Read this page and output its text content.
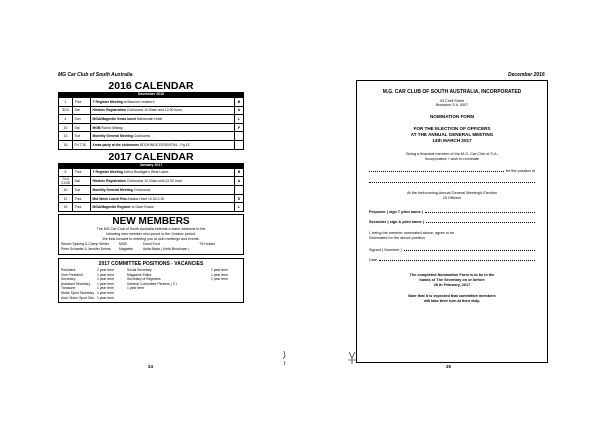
MG Car Club of South Australia
2016 CALENDAR
December 2016
1	Thur	T Register Meeting at Maurice Lewkes's	B
3/10	Sat	Historic Registration Clubrooms 10.00am and 12.00 noon	A
4	Sun	MGA/Magnette Xmas lunch Balhannah Hotel	L
10	Sat	MGB Run to Mitang	F
13	Tue	Monthly General Meeting Clubrooms	
16	Fri 7.30	Xmas party at the clubrooms BOOKINGS ESSENTIAL - Pg 13	
2017 CALENDAR
January 2017
5	Thur	T Register Meeting Arthur Ruediger's West Lakes	B
7/14 21/28	Sat	Historic Registration Clubrooms 10.00am until 12.00 noon	A
10	Tue	Monthly General Meeting Clubrooms	
12	Thur	Mid Week Lunch Run Arkaba Hotel 10.30-2.30	D
19	Thur	MGA/Magnette Register to Dave Evans	L
NEW MEMBERS
The MG Car Club of South Australia extends a warm welcome to the
following new member who joined in the October period.
We look forward to meeting you at club meetings and events.
Steven Sjoberg & Cheryl Winter	MGB	David Ford	'76 Holden
Peter Schaefer & Jennifer Delma	Magnette	Anita Blake ( Keith Brookman )
2017 COMMITTEE POSITIONS - VACANCIES
President	2 year term	Social Secretary	1 year term
Vice President	1 year term	Magazine Editor	1 year term
Secretary	1 year term	Secretary of Registers	1 year term
Assistant Secretary	1 year term	General Committee Persons ( 3 )
Treasurer	1 year term	1 year term
Motor Sport Secretary 1 year term
Asst. Motor Sport Sec. 1 year term
24
December 2016
M.G. CAR CLUB OF SOUTH AUSTRALIA, INCORPORATED
93 Chell Street
Brompton S.A. 5007
NOMINATION FORM
FOR THE ELECTION OF OFFICERS
AT THE ANNUAL GENERAL MEETING
14th MARCH 2017
Being a financial member of the M.G. Car Club of S.A.
Incorporated, I wish to nominate
for the position of
At the forthcoming Annual General Meeting's Election
Of Officers
Proposer ( sign T print name )
Seconder ( sign & print name )
I, being the member nominated above, agree to be
Nominated for the above position.
Signed ( Nominee )
Date
The completed Nomination Form is to be in the
hands of The Secretary on or before
28 th February, 2017
Note that it is expected that committee members
will take their turn at their duty.
25
